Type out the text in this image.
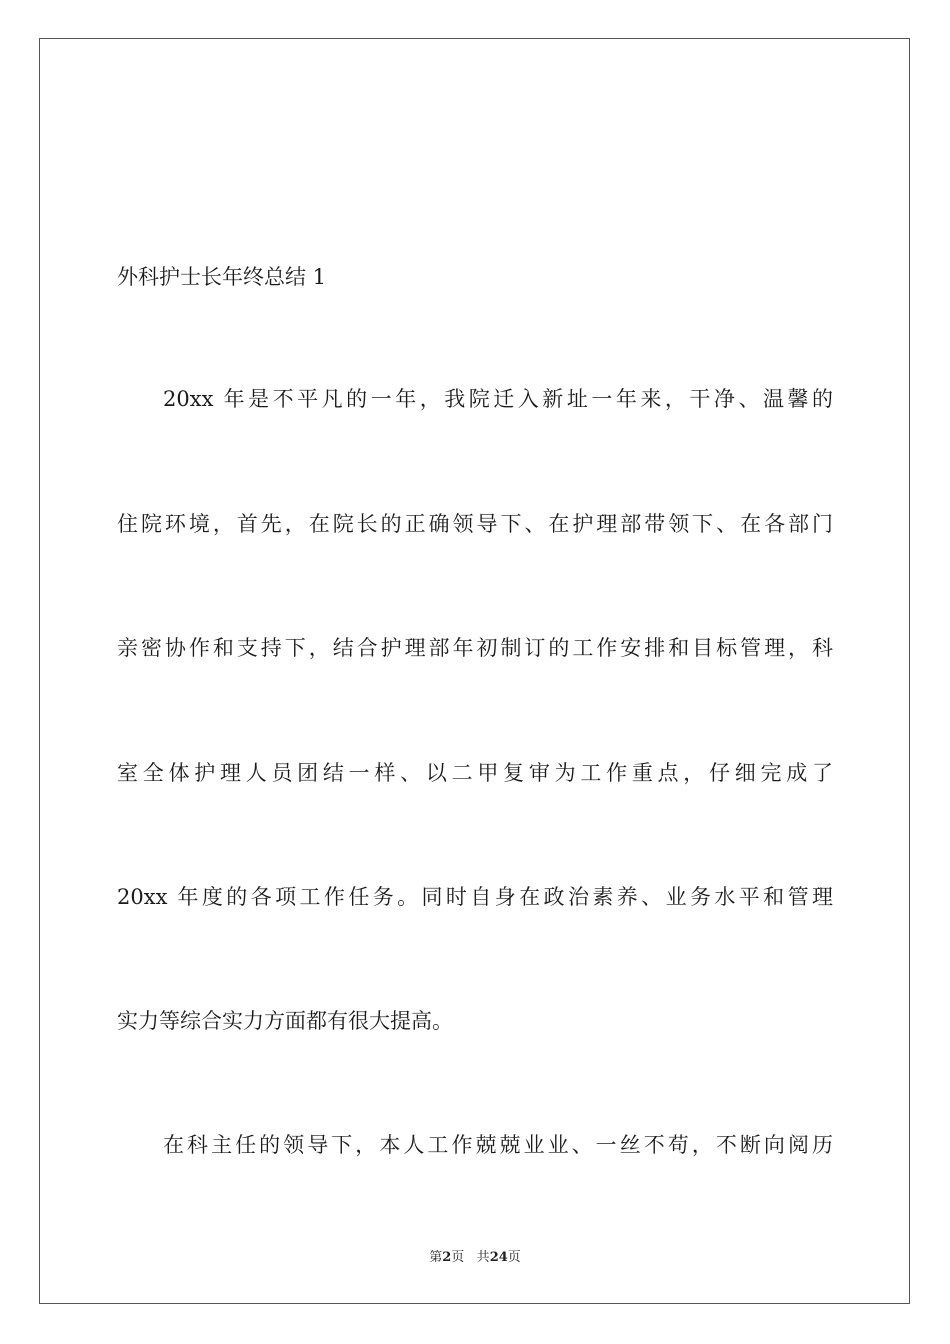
外科护士长年终总结 1
20xx 年是不平凡的一年，我院迁入新址一年来，干净、温馨的
住院环境，首先，在院长的正确领导下、在护理部带领下、在各部门
亲密协作和支持下，结合护理部年初制订的工作安排和目标管理，科
室全体护理人员团结一样、以二甲复审为工作重点，仔细完成了
20xx 年度的各项工作任务。同时自身在政治素养、业务水平和管理
实力等综合实力方面都有很大提高。
在科主任的领导下，本人工作兢兢业业、一丝不苟，不断向阅历
第2页 共24页
